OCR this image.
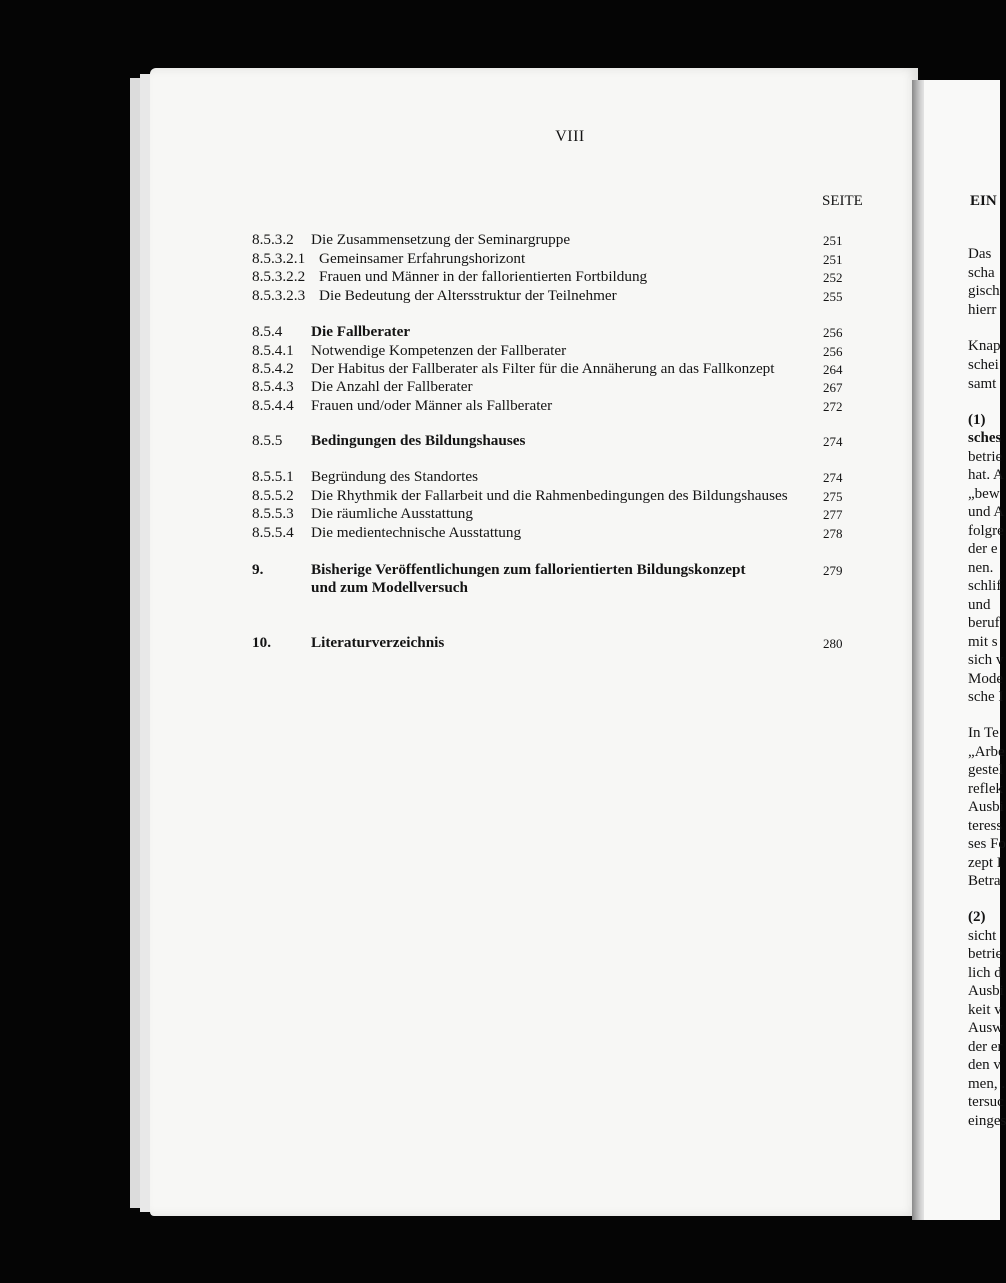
VIII
SEITE
8.5.3.2 Die Zusammensetzung der Seminargruppe	251
8.5.3.2.1 Gemeinsamer Erfahrungshorizont	251
8.5.3.2.2 Frauen und Männer in der fallorientierten Fortbildung	252
8.5.3.2.3 Die Bedeutung der Altersstruktur der Teilnehmer	255
8.5.4 Die Fallberater	256
8.5.4.1 Notwendige Kompetenzen der Fallberater	256
8.5.4.2 Der Habitus der Fallberater als Filter für die Annäherung an das Fallkonzept	264
8.5.4.3 Die Anzahl der Fallberater	267
8.5.4.4 Frauen und/oder Männer als Fallberater	272
8.5.5 Bedingungen des Bildungshauses	274
8.5.5.1 Begründung des Standortes	274
8.5.5.2 Die Rhythmik der Fallarbeit und die Rahmenbedingungen des Bildungshauses	275
8.5.5.3 Die räumliche Ausstattung	277
8.5.5.4 Die medientechnische Ausstattung	278
9.	Bisherige Veröffentlichungen zum fallorientierten Bildungskonzept	279
und zum Modellversuch
10.	Literaturverzeichnis	280
EIN
Das
scha
gisch
hierr
Knap
schei
samt
(1)
sches
betrie
hat. A
„bew
und A
folgre
der e
nen.
schlif
und
beruf
mit s
sich v
Mode
sche I
In Te
„Arbe
gestel
reflek
Ausbi
teress
ses Fo
zept I
Betra
(2)
sicht
betrie
lich d
Ausbi
keit v
Ausw
der er
den v
men, .
tersuc
einges
